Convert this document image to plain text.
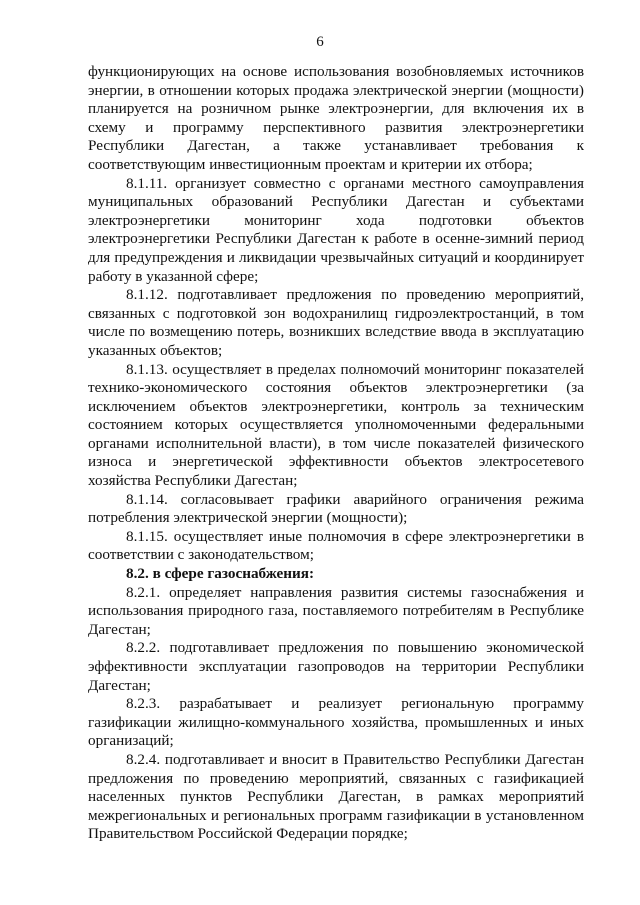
6
функционирующих на основе использования возобновляемых источников энергии, в отношении которых продажа электрической энергии (мощности) планируется на розничном рынке электроэнергии, для включения их в схему и программу перспективного развития электроэнергетики Республики Дагестан, а также устанавливает требования к соответствующим инвестиционным проектам и критерии их отбора;
8.1.11. организует совместно с органами местного самоуправления муниципальных образований Республики Дагестан и субъектами электроэнергетики мониторинг хода подготовки объектов электроэнергетики Республики Дагестан к работе в осенне-зимний период для предупреждения и ликвидации чрезвычайных ситуаций и координирует работу в указанной сфере;
8.1.12. подготавливает предложения по проведению мероприятий, связанных с подготовкой зон водохранилищ гидроэлектростанций, в том числе по возмещению потерь, возникших вследствие ввода в эксплуатацию указанных объектов;
8.1.13. осуществляет в пределах полномочий мониторинг показателей технико-экономического состояния объектов электроэнергетики (за исключением объектов электроэнергетики, контроль за техническим состоянием которых осуществляется уполномоченными федеральными органами исполнительной власти), в том числе показателей физического износа и энергетической эффективности объектов электросетевого хозяйства Республики Дагестан;
8.1.14. согласовывает графики аварийного ограничения режима потребления электрической энергии (мощности);
8.1.15. осуществляет иные полномочия в сфере электроэнергетики в соответствии с законодательством;
8.2. в сфере газоснабжения:
8.2.1. определяет направления развития системы газоснабжения и использования природного газа, поставляемого потребителям в Республике Дагестан;
8.2.2. подготавливает предложения по повышению экономической эффективности эксплуатации газопроводов на территории Республики Дагестан;
8.2.3. разрабатывает и реализует региональную программу газификации жилищно-коммунального хозяйства, промышленных и иных организаций;
8.2.4. подготавливает и вносит в Правительство Республики Дагестан предложения по проведению мероприятий, связанных с газификацией населенных пунктов Республики Дагестан, в рамках мероприятий межрегиональных и региональных программ газификации в установленном Правительством Российской Федерации порядке;
